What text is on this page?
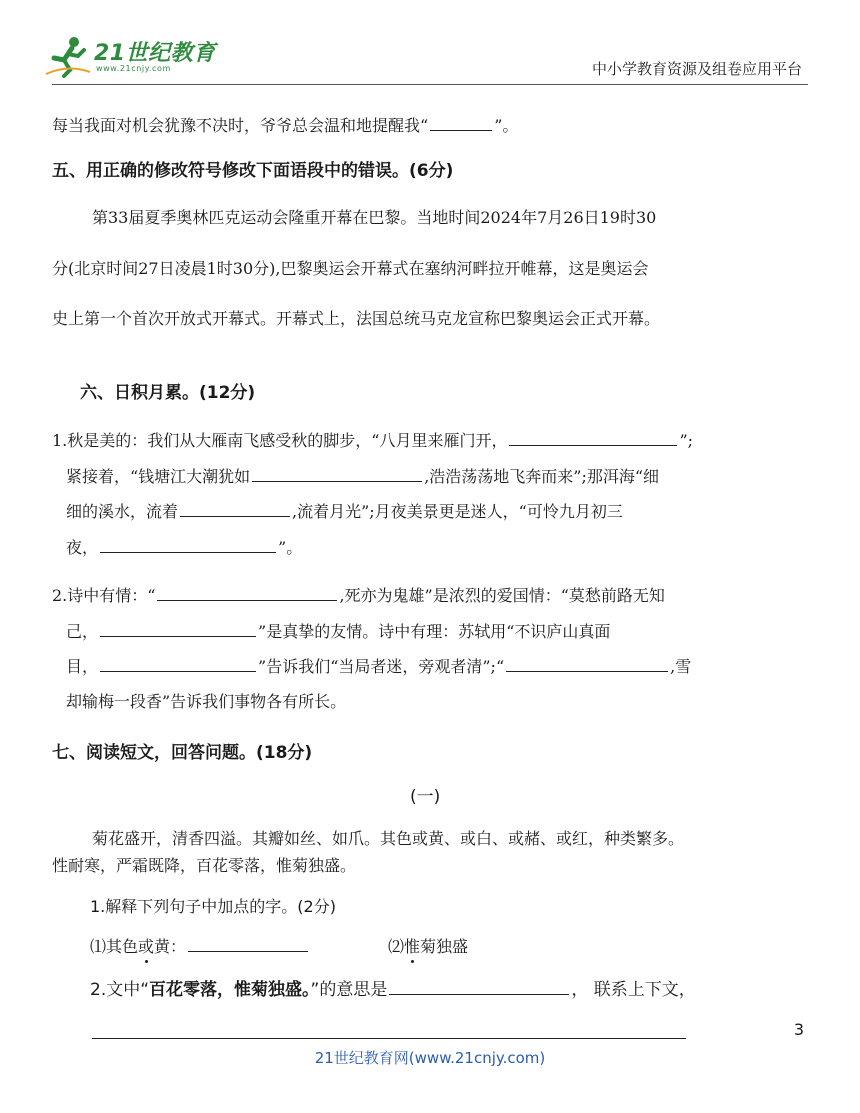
21世纪教育
www.21cnjy.com	中小学教育资源及组卷应用平台
每当我面对机会犹豫不决时，爷爷总会温和地提醒我“	”。
五、用正确的修改符号修改下面语段中的错误。(6分)
第33届夏季奥林匹克运动会隆重开幕在巴黎。当地时间2024年7月26日19时30
分(北京时间27日凌晨1时30分),巴黎奥运会开幕式在塞纳河畔拉开帷幕，这是奥运会
史上第一个首次开放式开幕式。开幕式上，法国总统马克龙宣称巴黎奥运会正式开幕。
六、日积月累。(12分)
1.秋是美的：我们从大雁南飞感受秋的脚步，“八月里来雁门开，	”;
紧接着，“钱塘江大潮犹如	,浩浩荡荡地飞奔而来”;那洱海“细
细的溪水，流着	,流着月光”;月夜美景更是迷人，“可怜九月初三
夜，	”。
2.诗中有情：“	,死亦为鬼雄”是浓烈的爱国情：“莫愁前路无知
己，	”是真挚的友情。诗中有理：苏轼用“不识庐山真面
目，	”告诉我们“当局者迷，旁观者清”;“	,雪
却输梅一段香”告诉我们事物各有所长。
七、阅读短文，回答问题。(18分)
(一)
菊花盛开，清香四溢。其瓣如丝、如爪。其色或黄、或白、或赭、或红，种类繁多。
性耐寒，严霜既降，百花零落，惟菊独盛。
1.解释下列句子中加点的字。(2分)
⑴其色或黄：	⑵惟菊独盛
2.文中“百花零落，惟菊独盛。”的意思是	， 联系上下文，
3
21世纪教育网(www.21cnjy.com)
